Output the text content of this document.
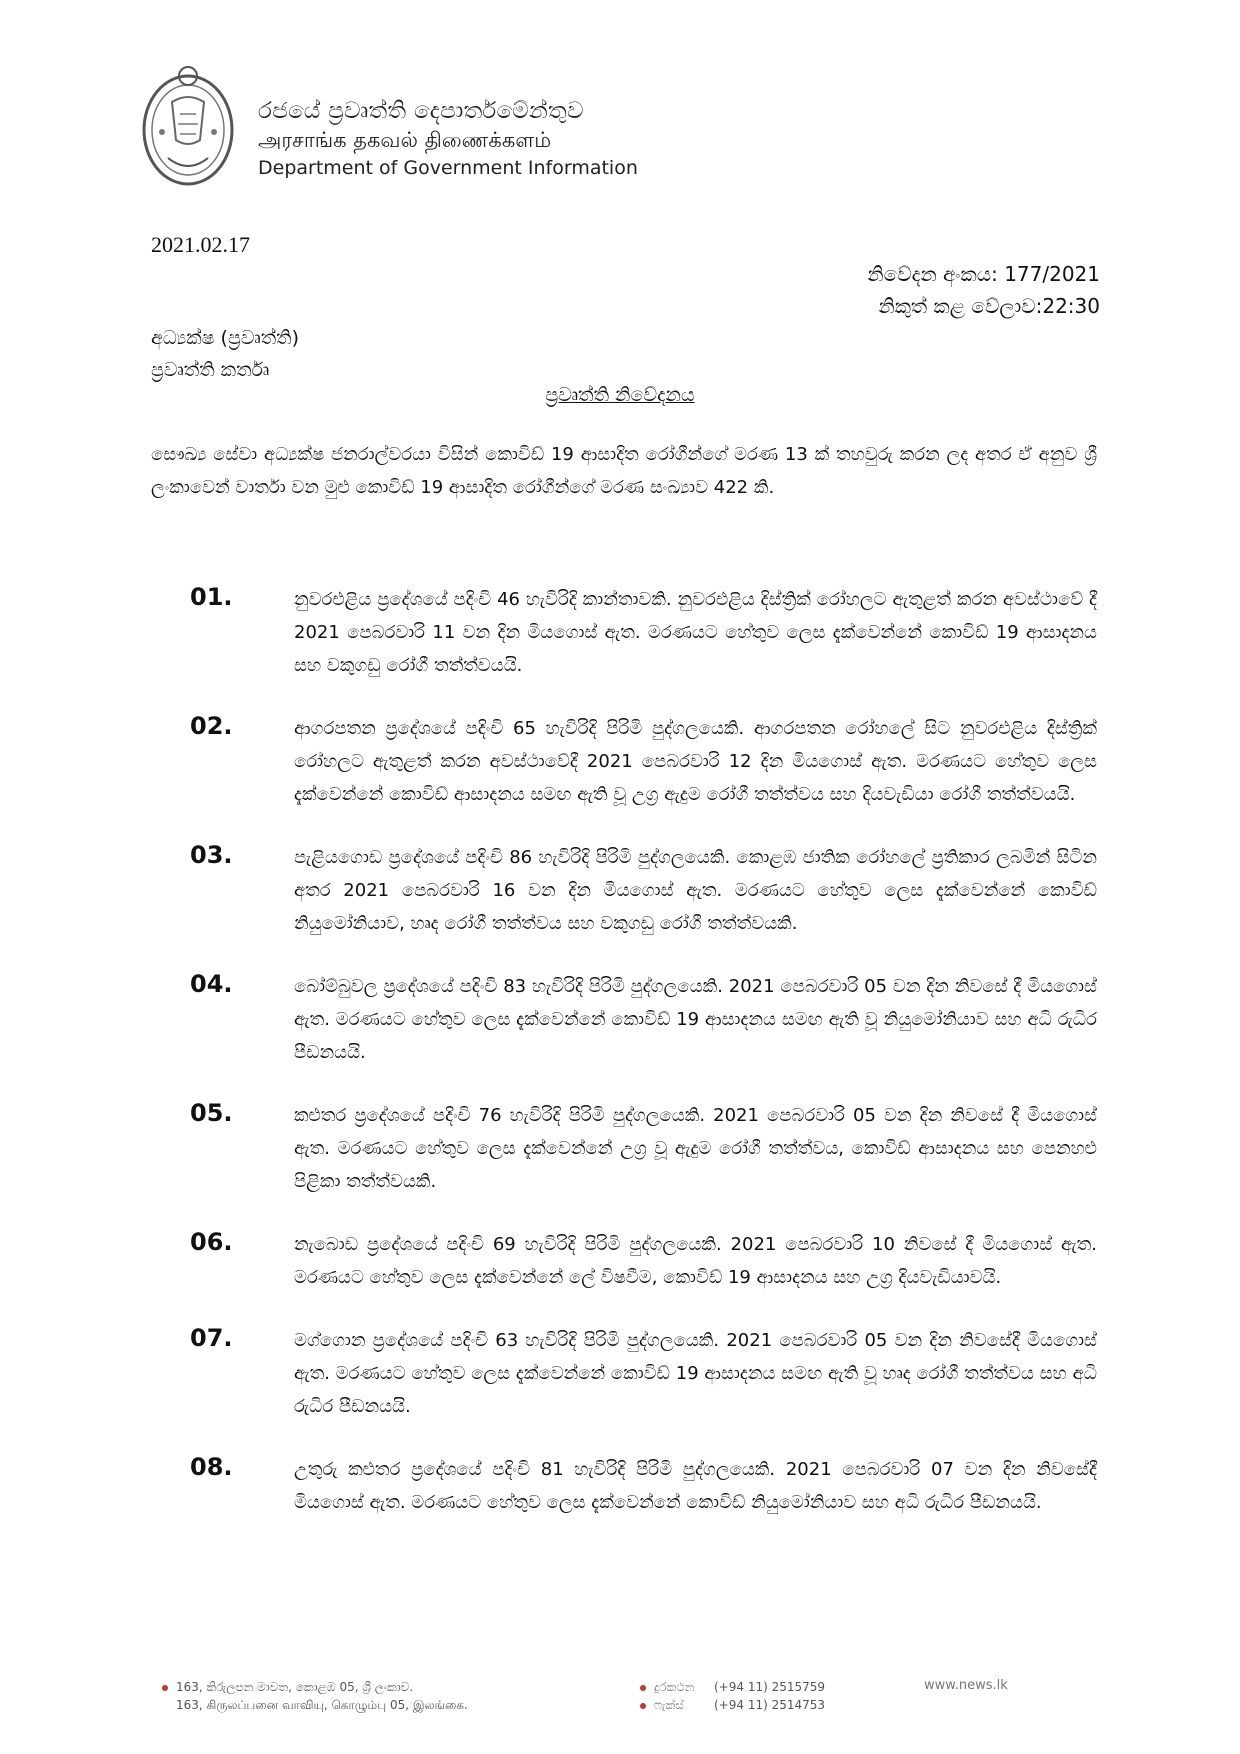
රජයේ ප්‍රවෘත්ති දෙපාර්තමේන්තුව
அரசாங்க தகவல் திணைக்களம்
Department of Government Information
2021.02.17
නිවේදන අංකය: 177/2021
නිකුත් කළ වේලාව:22:30
අධ්‍යක්ෂ (ප්‍රවෘත්ති)
ප්‍රවෘත්ති කර්තෘ
ප්‍රවෘත්ති නිවේදනය
සෞඛ්‍ය සේවා අධ්‍යක්ෂ ජනරාල්වරයා විසින් කොවිඩ් 19 ආසාදිත රෝගීන්ගේ මරණ 13 ක් තහවුරු කරන ලද අතර ඒ අනුව ශ්‍රී ලංකාවෙන් වාර්තා වන මුළු කොවිඩ් 19 ආසාදිත රෝගීන්ගේ මරණ සංඛ්‍යාව 422 කි.
01.	නුවරඑළිය ප්‍රදේශයේ පදිංචි 46 හැවිරිදි කාන්තාවකි. නුවරඑළිය දිස්ත්‍රික් රෝහලට ඇතුළත් කරන අවස්ථාවේ දී 2021 පෙබරවාරි 11 වන දින මියගොස් ඇත. මරණයට හේතුව ලෙස දැක්වෙන්නේ කොවිඩ් 19 ආසාදනය සහ වකුගඩු රෝගී තත්ත්වයයි.
02.	ආගරපතන ප්‍රදේශයේ පදිංචි 65 හැවිරිදි පිරිමි පුද්ගලයෙකි. ආගරපතන රෝහලේ සිට නුවරඑළිය දිස්ත්‍රික් රෝහලට ඇතුළත් කරන අවස්ථාවේදී 2021 පෙබරවාරි 12 දින මියගොස් ඇත. මරණයට හේතුව ලෙස දැක්වෙන්නේ කොවිඩ් ආසාදනය සමඟ ඇති වූ උග්‍ර ඇදුම රෝගී තත්ත්වය සහ දියවැඩියා රෝගී තත්ත්වයයි.
03.	පැළියගොඩ ප්‍රදේශයේ පදිංචි 86 හැවිරිදි පිරිමි පුද්ගලයෙකි. කොළඹ ජාතික රෝහලේ ප්‍රතිකාර ලබමින් සිටින අතර 2021 පෙබරවාරි 16 වන දින මියගොස් ඇත. මරණයට හේතුව ලෙස දැක්වෙන්නේ කොවිඩ් නියුමෝනියාව, හෘද රෝගී තත්ත්වය සහ වකුගඩු රෝගී තත්ත්වයකි.
04.	බෝම්බුවල ප්‍රදේශයේ පදිංචි 83 හැවිරිදි පිරිමි පුද්ගලයෙකි. 2021 පෙබරවාරි 05 වන දින නිවසේ දී මියගොස් ඇත. මරණයට හේතුව ලෙස දැක්වෙන්නේ කොවිඩ් 19 ආසාදනය සමඟ ඇති වූ නියුමෝනියාව සහ අධි රුධිර පීඩනයයි.
05.	කළුතර ප්‍රදේශයේ පදිංචි 76 හැවිරිදි පිරිමි පුද්ගලයෙකි. 2021 පෙබරවාරි 05 වන දින නිවසේ දී මියගොස් ඇත. මරණයට හේතුව ලෙස දැක්වෙන්නේ උග්‍ර වූ ඇදුම රෝගී තත්ත්වය, කොවිඩ් ආසාදනය සහ පෙනහළු පිළිකා තත්ත්වයකි.
06.	නැබොඩ ප්‍රදේශයේ පදිංචි 69 හැවිරිදි පිරිමි පුද්ගලයෙකි. 2021 පෙබරවාරි 10 නිවසේ දී මියගොස් ඇත. මරණයට හේතුව ලෙස දැක්වෙන්නේ ලේ විෂවීම, කොවිඩ් 19 ආසාදනය සහ උග්‍ර දියවැඩියාවයි.
07.	මග්ගොන ප්‍රදේශයේ පදිංචි 63 හැවිරිදි පිරිමි පුද්ගලයෙකි. 2021 පෙබරවාරි 05 වන දින නිවසේදී මියගොස් ඇත. මරණයට හේතුව ලෙස දැක්වෙන්නේ කොවිඩ් 19 ආසාදනය සමඟ ඇති වූ හෘද රෝගී තත්ත්වය සහ අධි රුධිර පීඩනයයි.
08.	උතුරු කළුතර ප්‍රදේශයේ පදිංචි 81 හැවිරිදි පිරිමි පුද්ගලයෙකි. 2021 පෙබරවාරි 07 වන දින නිවසේදී මියගොස් ඇත. මරණයට හේතුව ලෙස දැක්වෙන්නේ කොවිඩ් නියුමෝනියාව සහ අධි රුධිර පීඩනයයි.
163, කිරුලපන මාවත, කොළඹ 05, ශ්‍රී ලංකාව.
163, கிருலப்பனை வாவியு, கொழும்பு 05, இலங்கை.
දුරකථන (+94 11) 2515759
ෆැක්ස්	(+94 11) 2514753
www.news.lk
